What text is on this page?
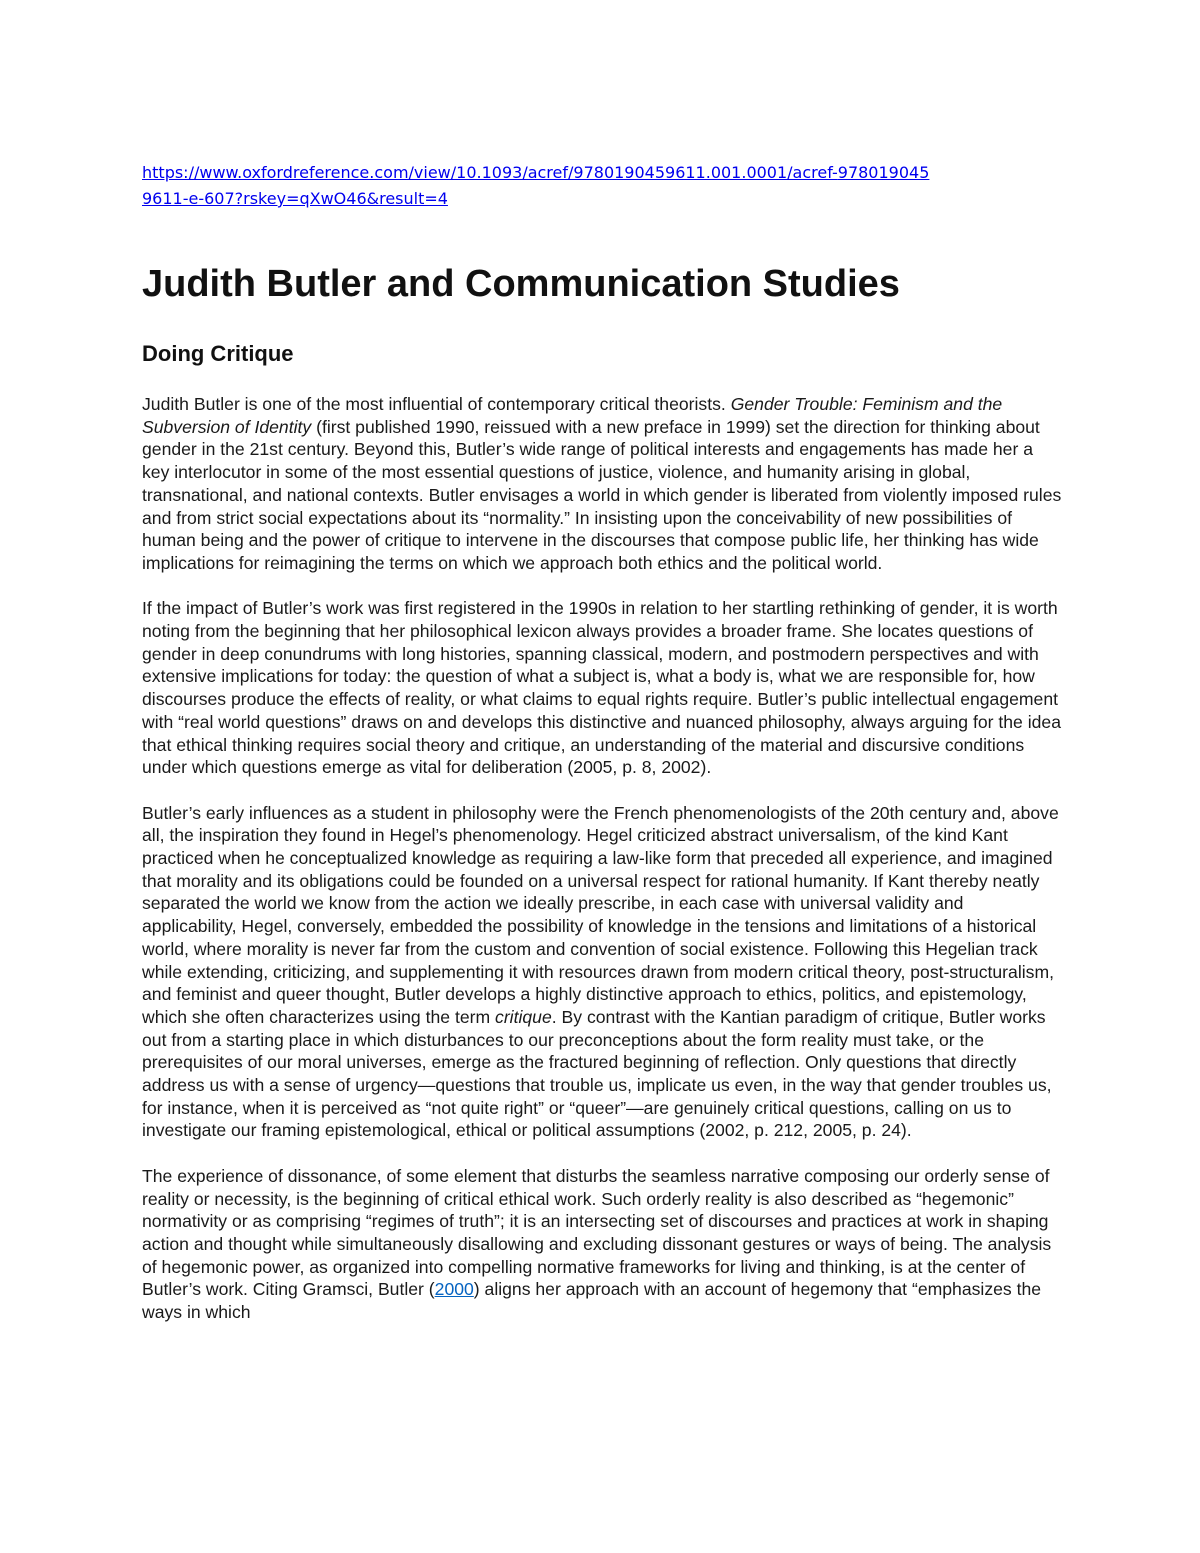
https://www.oxfordreference.com/view/10.1093/acref/9780190459611.001.0001/acref-9780190459611-e-607?rskey=qXwO46&result=4
Judith Butler and Communication Studies
Doing Critique

Judith Butler is one of the most influential of contemporary critical theorists. Gender Trouble: Feminism and the Subversion of Identity (first published 1990, reissued with a new preface in 1999) set the direction for thinking about gender in the 21st century. Beyond this, Butler’s wide range of political interests and engagements has made her a key interlocutor in some of the most essential questions of justice, violence, and humanity arising in global, transnational, and national contexts. Butler envisages a world in which gender is liberated from violently imposed rules and from strict social expectations about its “normality.” In insisting upon the conceivability of new possibilities of human being and the power of critique to intervene in the discourses that compose public life, her thinking has wide implications for reimagining the terms on which we approach both ethics and the political world.

If the impact of Butler’s work was first registered in the 1990s in relation to her startling rethinking of gender, it is worth noting from the beginning that her philosophical lexicon always provides a broader frame. She locates questions of gender in deep conundrums with long histories, spanning classical, modern, and postmodern perspectives and with extensive implications for today: the question of what a subject is, what a body is, what we are responsible for, how discourses produce the effects of reality, or what claims to equal rights require. Butler’s public intellectual engagement with “real world questions” draws on and develops this distinctive and nuanced philosophy, always arguing for the idea that ethical thinking requires social theory and critique, an understanding of the material and discursive conditions under which questions emerge as vital for deliberation (2005, p. 8, 2002).

Butler’s early influences as a student in philosophy were the French phenomenologists of the 20th century and, above all, the inspiration they found in Hegel’s phenomenology. Hegel criticized abstract universalism, of the kind Kant practiced when he conceptualized knowledge as requiring a law-like form that preceded all experience, and imagined that morality and its obligations could be founded on a universal respect for rational humanity. If Kant thereby neatly separated the world we know from the action we ideally prescribe, in each case with universal validity and applicability, Hegel, conversely, embedded the possibility of knowledge in the tensions and limitations of a historical world, where morality is never far from the custom and convention of social existence. Following this Hegelian track while extending, criticizing, and supplementing it with resources drawn from modern critical theory, post-structuralism, and feminist and queer thought, Butler develops a highly distinctive approach to ethics, politics, and epistemology, which she often characterizes using the term critique. By contrast with the Kantian paradigm of critique, Butler works out from a starting place in which disturbances to our preconceptions about the form reality must take, or the prerequisites of our moral universes, emerge as the fractured beginning of reflection. Only questions that directly address us with a sense of urgency—questions that trouble us, implicate us even, in the way that gender troubles us, for instance, when it is perceived as “not quite right” or “queer”—are genuinely critical questions, calling on us to investigate our framing epistemological, ethical or political assumptions (2002, p. 212, 2005, p. 24).

The experience of dissonance, of some element that disturbs the seamless narrative composing our orderly sense of reality or necessity, is the beginning of critical ethical work. Such orderly reality is also described as “hegemonic” normativity or as comprising “regimes of truth”; it is an intersecting set of discourses and practices at work in shaping action and thought while simultaneously disallowing and excluding dissonant gestures or ways of being. The analysis of hegemonic power, as organized into compelling normative frameworks for living and thinking, is at the center of Butler’s work. Citing Gramsci, Butler (2000) aligns her approach with an account of hegemony that “emphasizes the ways in which
